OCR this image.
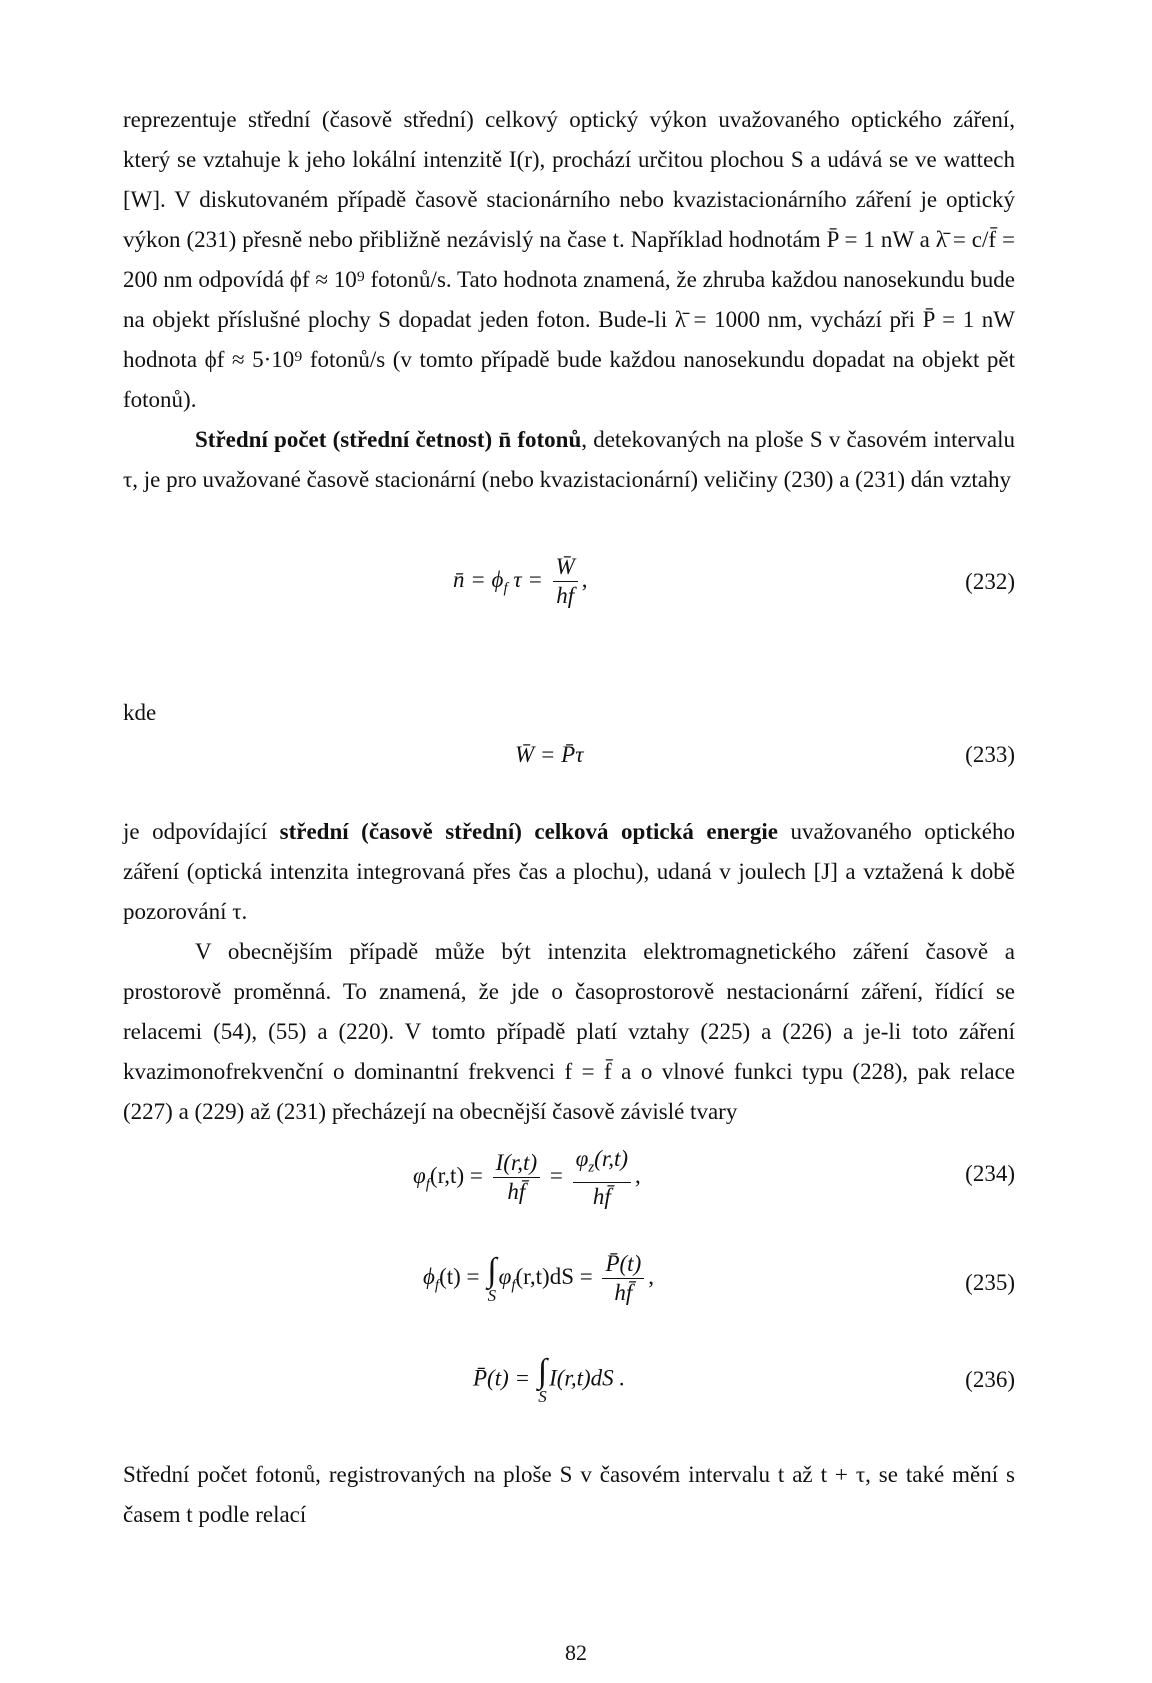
reprezentuje střední (časově střední) celkový optický výkon uvažovaného optického záření, který se vztahuje k jeho lokální intenzitě I(r), prochází určitou plochou S a udává se ve wattech [W]. V diskutovaném případě časově stacionárního nebo kvazistacionárního záření je optický výkon (231) přesně nebo přibližně nezávislý na čase t. Například hodnotám P̄ = 1 nW a λ̄ = c/f̄ = 200 nm odpovídá ϕf ≈ 10⁹ fotonů/s. Tato hodnota znamená, že zhruba každou nanosekundu bude na objekt příslušné plochy S dopadat jeden foton. Bude-li λ̄ = 1000 nm, vychází při P̄ = 1 nW hodnota ϕf ≈ 5·10⁹ fotonů/s (v tomto případě bude každou nanosekundu dopadat na objekt pět fotonů).

Střední počet (střední četnost) n̄ fotonů, detekovaných na ploše S v časovém intervalu τ, je pro uvažované časově stacionární (nebo kvazistacionární) veličiny (230) a (231) dán vztahy

n̄ = $\phi_f$ $\tau = \frac{W̄}{hf}$ ,	(232)
kde
W̄ = P̄τ	(233)

je odpovídající střední (časově střední) celková optická energie uvažovaného optického záření (optická intenzita integrovaná přes čas a plochu), udaná v joulech [J] a vztažená k době pozorování τ.

V obecnějším případě může být intenzita elektromagnetického záření časově a prostorově proměnná. To znamená, že jde o časoprostorově nestacionární záření, řídící se relacemi (54), (55) a (220). V tomto případě platí vztahy (225) a (226) a je-li toto záření kvazimonofrekvenční o dominantní frekvenci f = f̄ a o vlnové funkci typu (228), pak relace (227) a (229) až (231) přecházejí na obecnější časově závislé tvary

$\varphi_f(r,t) = \frac{I(r,t)}{hf̄} = \frac{\varphi_z(r,t)}{hf̄}$ ,	(234)
$\phi_f(t)$ = ∫
S
$\varphi_f(r,t)dS = \frac{P̄(t)}{hf̄}$ ,	(235)
P̄(t) = ∫
S
I(r,t)dS .	(236)

Střední počet fotonů, registrovaných na ploše S v časovém intervalu t až t + τ, se také mění s časem t podle relací

82
